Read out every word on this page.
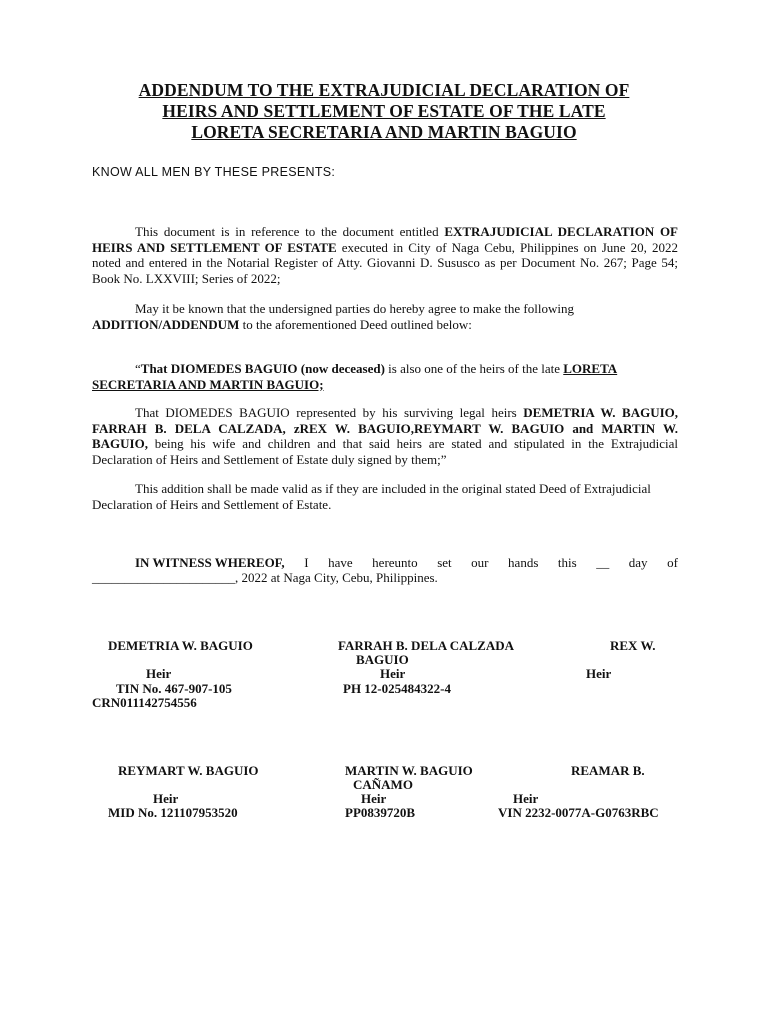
ADDENDUM TO THE EXTRAJUDICIAL DECLARATION OF
HEIRS AND SETTLEMENT OF ESTATE OF THE LATE
LORETA SECRETARIA AND MARTIN BAGUIO
KNOW ALL MEN BY THESE PRESENTS:
This document is in reference to the document entitled EXTRAJUDICIAL DECLARATION OF HEIRS AND SETTLEMENT OF ESTATE executed in City of Naga Cebu, Philippines on June 20, 2022 noted and entered in the Notarial Register of Atty. Giovanni D. Sususco as per Document No. 267; Page 54; Book No. LXXVIII; Series of 2022;
May it be known that the undersigned parties do hereby agree to make the following ADDITION/ADDENDUM to the aforementioned Deed outlined below:
“That DIOMEDES BAGUIO (now deceased) is also one of the heirs of the late LORETA SECRETARIA AND MARTIN BAGUIO;
That DIOMEDES BAGUIO represented by his surviving legal heirs DEMETRIA W. BAGUIO, FARRAH B. DELA CALZADA, zREX W. BAGUIO,REYMART W. BAGUIO and MARTIN W. BAGUIO, being his wife and children and that said heirs are stated and stipulated in the Extrajudicial Declaration of Heirs and Settlement of Estate duly signed by them;”
This addition shall be made valid as if they are included in the original stated Deed of Extrajudicial Declaration of Heirs and Settlement of Estate.
IN WITNESS WHEREOF, I have hereunto set our hands this __ day of
______________________, 2022 at Naga City, Cebu, Philippines.
DEMETRIA W. BAGUIO
Heir
TIN No. 467-907-105
CRN011142754556
FARRAH B. DELA CALZADA
BAGUIO
Heir
PH 12-025484322-4
REX W.
Heir
REYMART W. BAGUIO
Heir
MID No. 121107953520
MARTIN W. BAGUIO
CAÑAMO
Heir
PP0839720B
REAMAR B.
Heir
VIN 2232-0077A-G0763RBC
